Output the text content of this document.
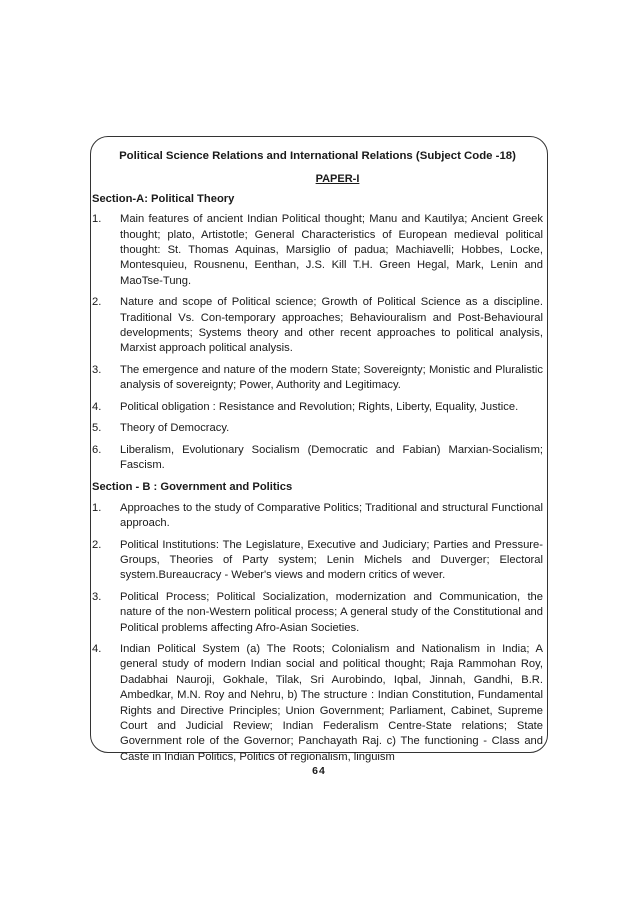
Political Science Relations and International Relations (Subject Code -18)
PAPER-I
Section-A: Political Theory
1.	Main features of ancient Indian Political thought; Manu and Kautilya; Ancient Greek thought; plato, Artistotle; General Characteristics of European medieval political thought: St. Thomas Aquinas, Marsiglio of padua; Machiavelli; Hobbes, Locke, Montesquieu, Rousnenu, Eenthan, J.S. Kill T.H. Green Hegal, Mark, Lenin and MaoTse-Tung.
2.	Nature and scope of Political science; Growth of Political Science as a discipline. Traditional Vs. Con-temporary approaches; Behaviouralism and Post-Behavioural developments; Systems theory and other recent approaches to political analysis, Marxist approach political analysis.
3.	The emergence and nature of the modern State; Sovereignty; Monistic and Pluralistic analysis of sovereignty; Power, Authority and Legitimacy.
4.	Political obligation : Resistance and Revolution; Rights, Liberty, Equality, Justice.
5.	Theory of Democracy.
6.	Liberalism, Evolutionary Socialism (Democratic and Fabian) Marxian-Socialism; Fascism.
Section - B : Government and Politics
1.	Approaches to the study of Comparative Politics; Traditional and structural Functional approach.
2.	Political Institutions: The Legislature, Executive and Judiciary; Parties and Pressure-Groups, Theories of Party system; Lenin Michels and Duverger; Electoral system.Bureaucracy - Weber's views and modern critics of wever.
3.	Political Process; Political Socialization, modernization and Communication, the nature of the non-Western political process; A general study of the Constitutional and Political problems affecting Afro-Asian Societies.
4.	Indian Political System (a) The Roots; Colonialism and Nationalism in India; A general study of modern Indian social and political thought; Raja Rammohan Roy, Dadabhai Nauroji, Gokhale, Tilak, Sri Aurobindo, Iqbal, Jinnah, Gandhi, B.R. Ambedkar, M.N. Roy and Nehru, b) The structure : Indian Constitution, Fundamental Rights and Directive Principles; Union Government; Parliament, Cabinet, Supreme Court and Judicial Review; Indian Federalism Centre-State relations; State Government role of the Governor; Panchayath Raj. c) The functioning - Class and Caste in Indian Politics, Politics of regionalism, linguism
64
